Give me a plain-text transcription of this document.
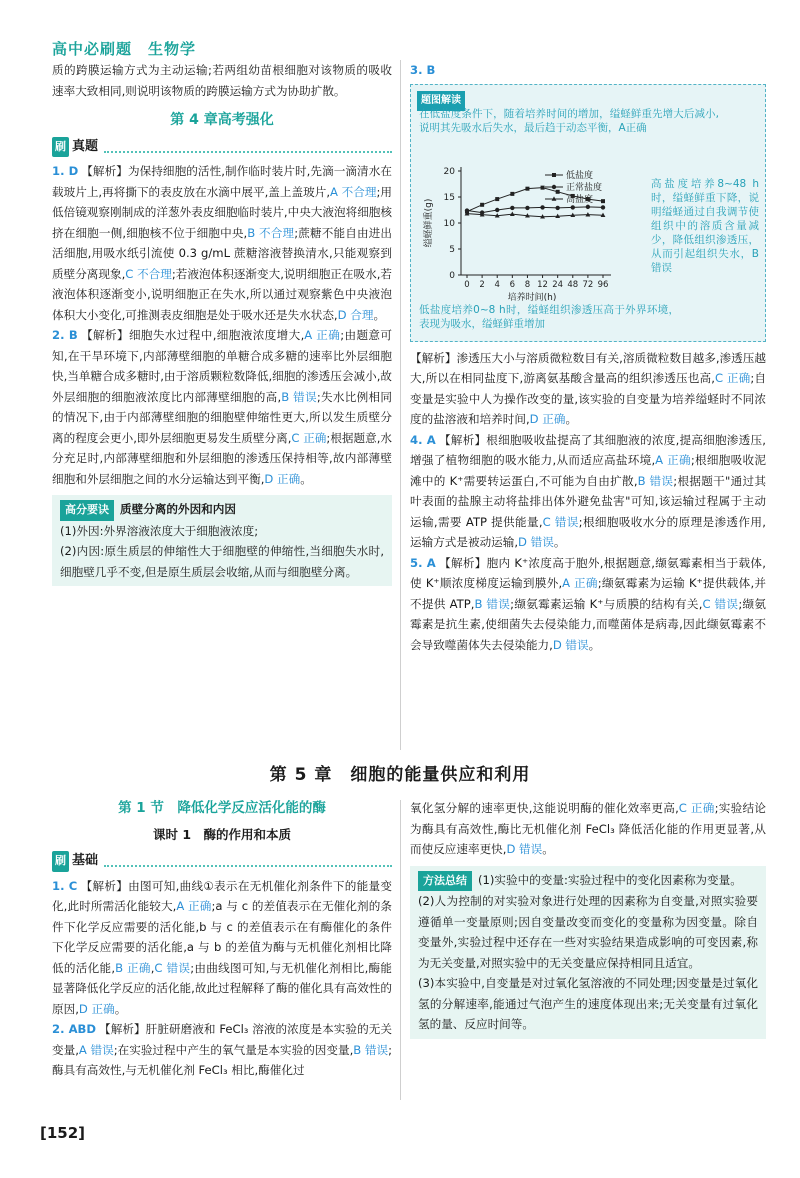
高中必刷题　生物学

质的跨膜运输方式为主动运输;若两组幼苗根细胞对该物质的吸收速率大致相同,则说明该物质的跨膜运输方式为协助扩散。

第 4 章高考强化
刷 真题

1. D 【解析】为保持细胞的活性,制作临时装片时,先滴一滴清水在载玻片上,再将撕下的表皮放在水滴中展平,盖上盖玻片,A 不合理;用低倍镜观察刚制成的洋葱外表皮细胞临时装片,中央大液泡将细胞核挤在细胞一侧,细胞核不位于细胞中央,B 不合理;蔗糖不能自由进出活细胞,用吸水纸引流使 0.3 g/mL 蔗糖溶液替换清水,只能观察到质壁分离现象,C 不合理;若液泡体积逐渐变大,说明细胞正在吸水,若液泡体积逐渐变小,说明细胞正在失水,所以通过观察紫色中央液泡体积大小变化,可推测表皮细胞是处于吸水还是失水状态,D 合理。

2. B 【解析】细胞失水过程中,细胞液浓度增大,A 正确;由题意可知,在干旱环境下,内部薄壁细胞的单糖合成多糖的速率比外层细胞快,当单糖合成多糖时,由于溶质颗粒数降低,细胞的渗透压会减小,故外层细胞的细胞液浓度比内部薄壁细胞的高,B 错误;失水比例相同的情况下,由于内部薄壁细胞的细胞壁伸缩性更大,所以发生质壁分离的程度会更小,即外层细胞更易发生质壁分离,C 正确;根据题意,水分充足时,内部薄壁细胞和外层细胞的渗透压保持相等,故内部薄壁细胞和外层细胞之间的水分运输达到平衡,D 正确。

高分要诀 质壁分离的外因和内因

(1)外因:外界溶液浓度大于细胞液浓度;

(2)内因:原生质层的伸缩性大于细胞壁的伸缩性,当细胞失水时,细胞壁几乎不变,但是原生质层会收缩,从而与细胞壁分离。

3. B
题图解读
在低盐度条件下，随着培养时间的增加，缢蛏鲜重先增大后减小,说明其先吸水后失水，最后趋于动态平衡，A正确
高盐度培养8~48 h时，缢蛏鲜重下降，说明缢蛏通过自我调节使组织中的溶质含量减少，降低组织渗透压，从而引起组织失水，B错误
低盐度培养0~8 h时，缢蛏组织渗透压高于外界环境，表现为吸水，缢蛏鲜重增加
0
5
10
15
20
0 2 4 6 8 12 24 48 72 96
培养时间(h)
缢蛏鲜重(g)
低盐度
正常盐度
高盐度

【解析】渗透压大小与溶质微粒数目有关,溶质微粒数目越多,渗透压越大,所以在相同盐度下,游离氨基酸含量高的组织渗透压也高,C 正确;自变量是实验中人为操作改变的量,该实验的自变量为培养缢蛏时不同浓度的盐溶液和培养时间,D 正确。

4. A 【解析】根细胞吸收盐提高了其细胞液的浓度,提高细胞渗透压,增强了植物细胞的吸水能力,从而适应高盐环境,A 正确;根细胞吸收泥滩中的 K⁺需要转运蛋白,不可能为自由扩散,B 错误;根据题干"通过其叶表面的盐腺主动将盐排出体外避免盐害"可知,该运输过程属于主动运输,需要 ATP 提供能量,C 错误;根细胞吸收水分的原理是渗透作用,运输方式是被动运输,D 错误。

5. A 【解析】胞内 K⁺浓度高于胞外,根据题意,缬氨霉素相当于载体,使 K⁺顺浓度梯度运输到膜外,A 正确;缬氨霉素为运输 K⁺提供载体,并不提供 ATP,B 错误;缬氨霉素运输 K⁺与质膜的结构有关,C 错误;缬氨霉素是抗生素,使细菌失去侵染能力,而噬菌体是病毒,因此缬氨霉素不会导致噬菌体失去侵染能力,D 错误。

第 5 章　细胞的能量供应和利用
第 1 节　降低化学反应活化能的酶
课时 1　酶的作用和本质
刷 基础

1. C 【解析】由图可知,曲线①表示在无机催化剂条件下的能量变化,此时所需活化能较大,A 正确;a 与 c 的差值表示在无催化剂的条件下化学反应需要的活化能,b 与 c 的差值表示在有酶催化的条件下化学反应需要的活化能,a 与 b 的差值为酶与无机催化剂相比降低的活化能,B 正确,C 错误;由曲线图可知,与无机催化剂相比,酶能显著降低化学反应的活化能,故此过程解释了酶的催化具有高效性的原因,D 正确。

2. ABD 【解析】肝脏研磨液和 FeCl₃ 溶液的浓度是本实验的无关变量,A 错误;在实验过程中产生的氧气量是本实验的因变量,B 错误;酶具有高效性,与无机催化剂 FeCl₃ 相比,酶催化过

氧化氢分解的速率更快,这能说明酶的催化效率更高,C 正确;实验结论为酶具有高效性,酶比无机催化剂 FeCl₃ 降低活化能的作用更显著,从而使反应速率更快,D 错误。

方法总结 (1)实验中的变量:实验过程中的变化因素称为变量。

(2)人为控制的对实验对象进行处理的因素称为自变量,对照实验要遵循单一变量原则;因自变量改变而变化的变量称为因变量。除自变量外,实验过程中还存在一些对实验结果造成影响的可变因素,称为无关变量,对照实验中的无关变量应保持相同且适宜。

(3)本实验中,自变量是对过氧化氢溶液的不同处理;因变量是过氧化氢的分解速率,能通过气泡产生的速度体现出来;无关变量有过氧化氢的量、反应时间等。

[152]
